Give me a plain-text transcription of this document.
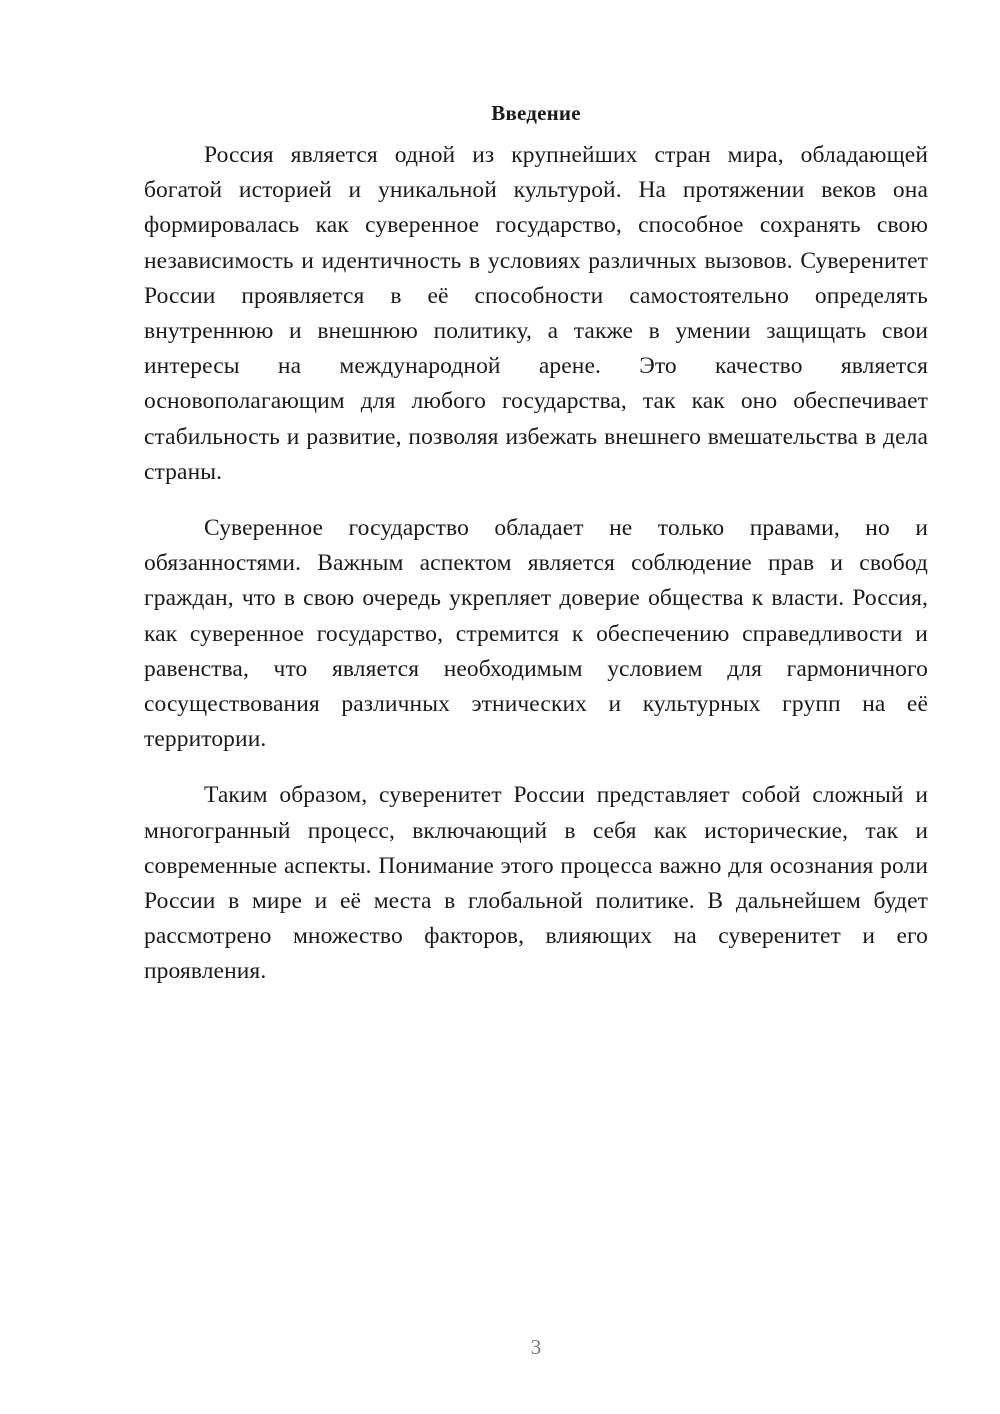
Введение

Россия является одной из крупнейших стран мира, обладающей богатой историей и уникальной культурой. На протяжении веков она формировалась как суверенное государство, способное сохранять свою независимость и идентичность в условиях различных вызовов. Суверенитет России проявляется в её способности самостоятельно определять внутреннюю и внешнюю политику, а также в умении защищать свои интересы на международной арене. Это качество является основополагающим для любого государства, так как оно обеспечивает стабильность и развитие, позволяя избежать внешнего вмешательства в дела страны.

Суверенное государство обладает не только правами, но и обязанностями. Важным аспектом является соблюдение прав и свобод граждан, что в свою очередь укрепляет доверие общества к власти. Россия, как суверенное государство, стремится к обеспечению справедливости и равенства, что является необходимым условием для гармоничного сосуществования различных этнических и культурных групп на её территории.

Таким образом, суверенитет России представляет собой сложный и многогранный процесс, включающий в себя как исторические, так и современные аспекты. Понимание этого процесса важно для осознания роли России в мире и её места в глобальной политике. В дальнейшем будет рассмотрено множество факторов, влияющих на суверенитет и его проявления.

3
